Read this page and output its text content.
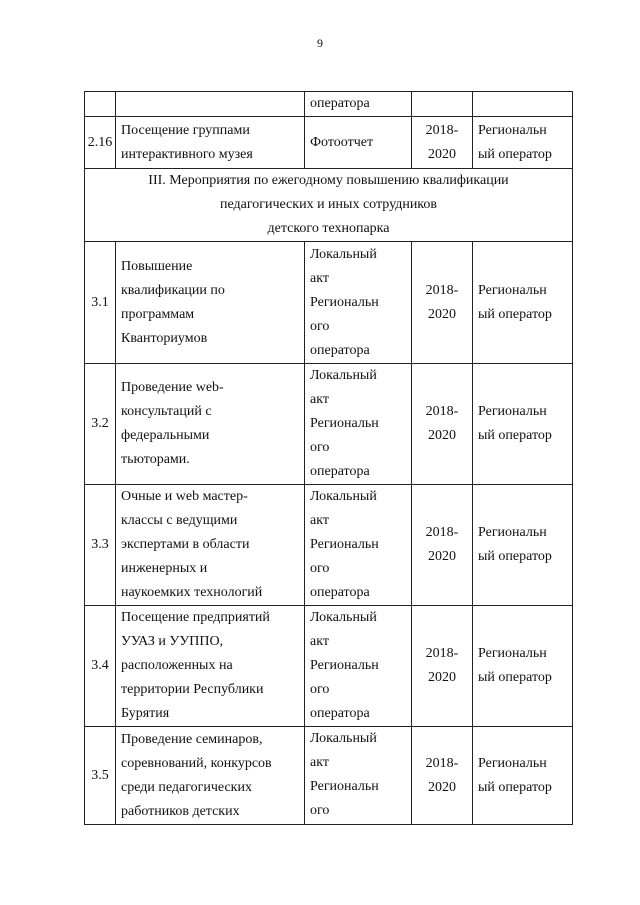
9

		оператора		

2.16	Посещение группами
интерактивного музея	Фотоотчет	2018-
2020	Региональн
ый оператор

III. Мероприятия по ежегодному повышению квалификации
педагогических и иных сотрудников
детского технопарка				

3.1	Повышение
квалификации по
программам
Кванториумов	Локальный
акт
Региональн
ого
оператора	2018-
2020	Региональн
ый оператор

3.2	Проведение web-
консультаций с
федеральными
тьюторами.	Локальный
акт
Региональн
ого
оператора	2018-
2020	Региональн
ый оператор

3.3	Очные и web мастер-
классы с ведущими
экспертами в области
инженерных и
наукоемких технологий	Локальный
акт
Региональн
ого
оператора	2018-
2020	Региональн
ый оператор

3.4	Посещение предприятий
УУАЗ и УУППО,
расположенных на
территории Республики
Бурятия	Локальный
акт
Региональн
ого
оператора	2018-
2020	Региональн
ый оператор

3.5	Проведение семинаров,
соревнований, конкурсов
среди педагогических
работников детских	Локальный
акт
Региональн
ого	2018-
2020	Региональн
ый оператор
